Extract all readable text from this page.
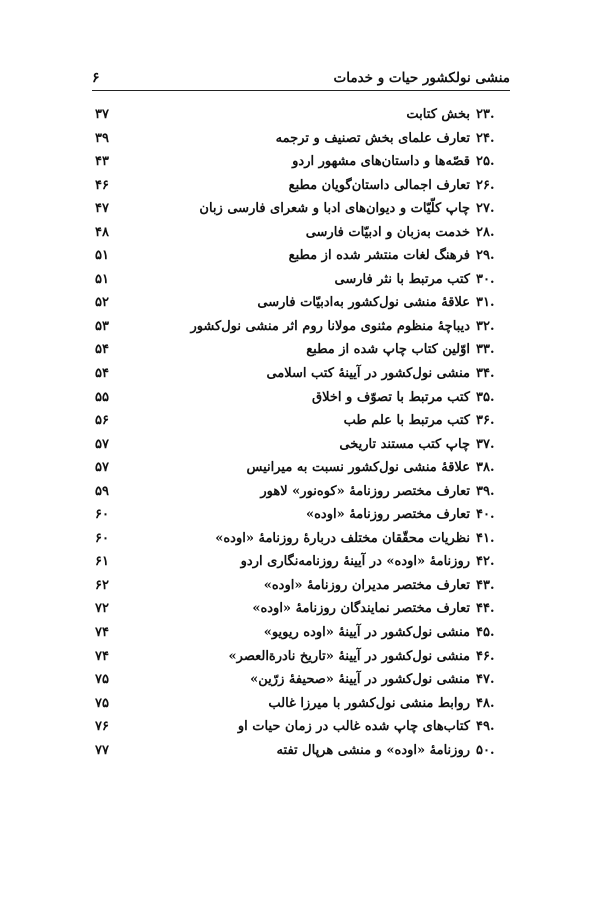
۶	منشی نولکشور حیات و خدمات
۲۳.
بخش کتابت
۳۷
۲۴.
تعارف علمای بخش تصنیف و ترجمه
۳۹
۲۵.
قصّه‌ها و داستان‌های مشهور اردو
۴۳
۲۶.
تعارف اجمالی داستان‌گویان مطبع
۴۶
۲۷.
چاپ کلّیّات و دیوان‌های ادبا و شعرای فارسی زبان
۴۷
۲۸.
خدمت به‌زبان و ادبیّات فارسی
۴۸
۲۹.
فرهنگ لغات منتشر شده از مطبع
۵۱
۳۰.
کتب مرتبط با نثر فارسی
۵۱
۳۱.
علاقهٔ منشی نول‌کشور به‌ادبیّات فارسی
۵۲
۳۲.
دیباچهٔ منظوم مثنوی مولانا روم اثر منشی نول‌کشور
۵۳
۳۳.
اوّلین کتاب چاپ شده از مطبع
۵۴
۳۴.
منشی نول‌کشور در آیینهٔ کتب اسلامی
۵۴
۳۵.
کتب مرتبط با تصوّف و اخلاق
۵۵
۳۶.
کتب مرتبط با علم طب
۵۶
۳۷.
چاپ کتب مستند تاریخی
۵۷
۳۸.
علاقهٔ منشی نول‌کشور نسبت به میرانیس
۵۷
۳۹.
تعارف مختصر روزنامهٔ «کوه‌نور» لاهور
۵۹
۴۰.
تعارف مختصر روزنامهٔ «اوده»
۶۰
۴۱.
نظریات محقّقان مختلف دربارهٔ روزنامهٔ «اوده»
۶۰
۴۲.
روزنامهٔ «اوده» در آیینهٔ روزنامه‌نگاری اردو
۶۱
۴۳.
تعارف مختصر مدیران روزنامهٔ «اوده»
۶۲
۴۴.
تعارف مختصر نمایندگان روزنامهٔ «اوده»
۷۲
۴۵.
منشی نول‌کشور در آیینهٔ «اوده ریویو»
۷۴
۴۶.
منشی نول‌کشور در آیینهٔ «تاریخ نادرةالعصر»
۷۴
۴۷.
منشی نول‌کشور در آیینهٔ «صحیفهٔ زرّین»
۷۵
۴۸.
روابط منشی نول‌کشور با میرزا غالب
۷۵
۴۹.
کتاب‌های چاپ شده غالب در زمان حیات او
۷۶
۵۰.
روزنامهٔ «اوده» و منشی هرپال تفته
۷۷
